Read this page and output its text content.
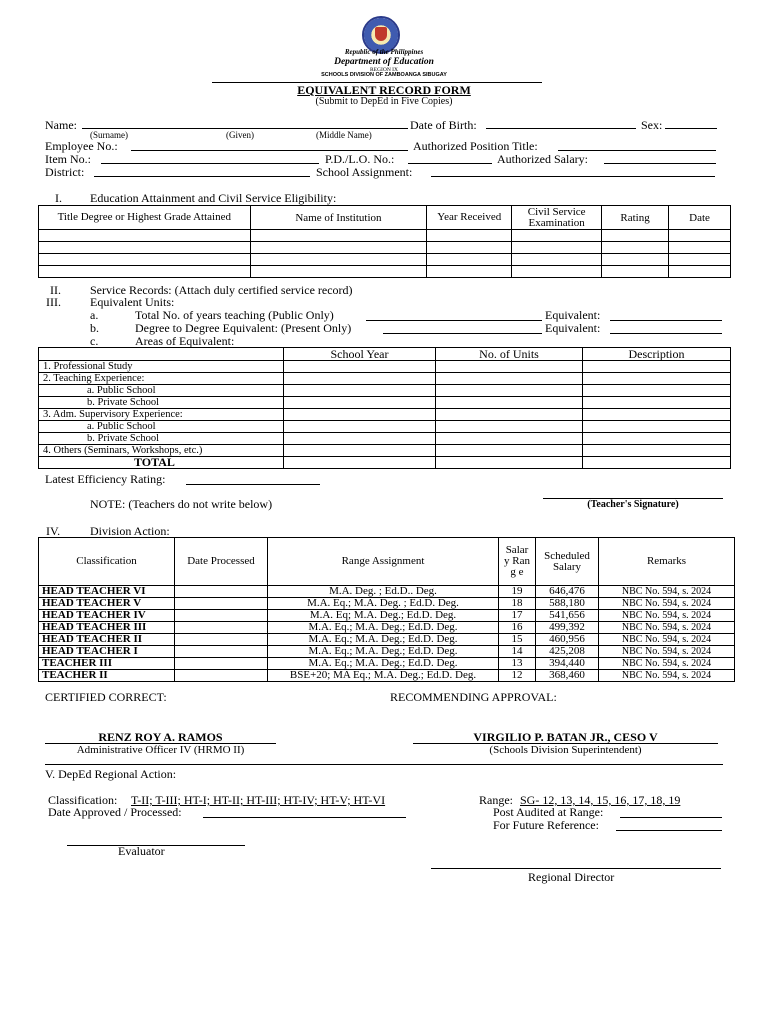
Republic of the Philippines
Department of Education
REGION IX
SCHOOLS DIVISION OF ZAMBOANGA SIBUGAY
EQUIVALENT RECORD FORM
(Submit to DepEd in Five Copies)
Name:	Date of Birth:	Sex:
(Surname)	(Given)	(Middle Name)
Employee No.:	Authorized Position Title:
Item No.:	P.D./L.O. No.:	Authorized Salary:
District:	School Assignment:
I. Education Attainment and Civil Service Eligibility:
Title Degree or Highest Grade Attained	Name of Institution	Year Received	Civil Service Examination	Rating	Date

II. Service Records: (Attach duly certified service record)
III. Equivalent Units:
a.	Total No. of years teaching (Public Only)	Equivalent:
b.	Degree to Degree Equivalent: (Present Only)	Equivalent:
c.	Areas of Equivalent:
	School Year	No. of Units	Description
1. Professional Study			
2. Teaching Experience:			
a. Public School			
b. Private School			
3. Adm. Supervisory Experience:			
a. Public School			
b. Private School			
4. Others (Seminars, Workshops, etc.)			
TOTAL			
Latest Efficiency Rating:
NOTE: (Teachers do not write below)	(Teacher's Signature)
IV. Division Action:
Classification	Date Processed	Range Assignment	Salar y Rang e	Scheduled Salary	Remarks
HEAD TEACHER VI		M.A. Deg. ; Ed.D.. Deg.	19	646,476	NBC No. 594, s. 2024
HEAD TEACHER V		M.A. Eq.; M.A. Deg. ; Ed.D. Deg.	18	588,180	NBC No. 594, s. 2024
HEAD TEACHER IV		M.A. Eq; M.A. Deg.; Ed.D. Deg.	17	541,656	NBC No. 594, s. 2024
HEAD TEACHER III		M.A. Eq.; M.A. Deg.; Ed.D. Deg.	16	499,392	NBC No. 594, s. 2024
HEAD TEACHER II		M.A. Eq.; M.A. Deg.; Ed.D. Deg.	15	460,956	NBC No. 594, s. 2024
HEAD TEACHER I		M.A. Eq.; M.A. Deg.; Ed.D. Deg.	14	425,208	NBC No. 594, s. 2024
TEACHER III		M.A. Eq.; M.A. Deg.; Ed.D. Deg.	13	394,440	NBC No. 594, s. 2024
TEACHER II		BSE+20; MA Eq.; M.A. Deg.; Ed.D. Deg.	12	368,460	NBC No. 594, s. 2024
CERTIFIED CORRECT:	RECOMMENDING APPROVAL:
RENZ ROY A. RAMOS
Administrative Officer IV (HRMO II)
VIRGILIO P. BATAN JR., CESO V
(Schools Division Superintendent)
V. DepEd Regional Action:
Classification: T-II; T-III; HT-I; HT-II; HT-III; HT-IV; HT-V; HT-VI	Range: SG- 12, 13, 14, 15, 16, 17, 18, 19
Date Approved / Processed:	Post Audited at Range:
For Future Reference:
Evaluator
Regional Director
